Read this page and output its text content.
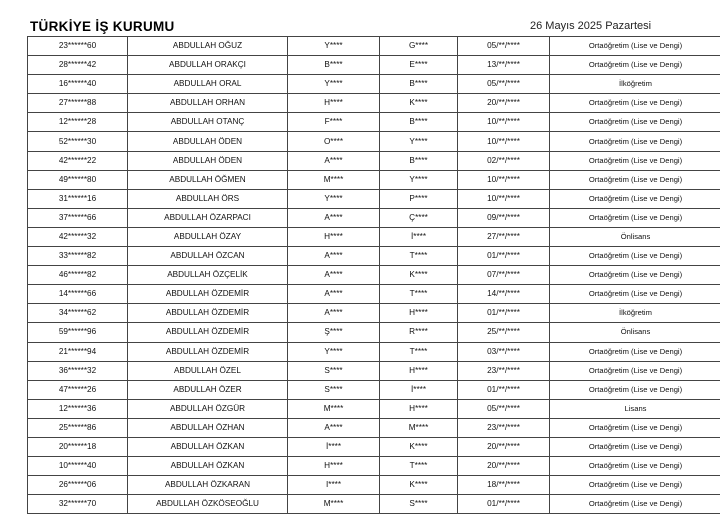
TÜRKİYE İŞ KURUMU	26 Mayıs 2025 Pazartesi
23******60	ABDULLAH OĞUZ	Y****	G****	05/**/****	Ortaöğretim (Lise ve Dengi)
28******42	ABDULLAH ORAKÇI	B****	E****	13/**/****	Ortaöğretim (Lise ve Dengi)
16******40	ABDULLAH ORAL	Y****	B****	05/**/****	İlköğretim
27******88	ABDULLAH ORHAN	H****	K****	20/**/****	Ortaöğretim (Lise ve Dengi)
12******28	ABDULLAH OTANÇ	F****	B****	10/**/****	Ortaöğretim (Lise ve Dengi)
52******30	ABDULLAH ÖDEN	O****	Y****	10/**/****	Ortaöğretim (Lise ve Dengi)
42******22	ABDULLAH ÖDEN	A****	B****	02/**/****	Ortaöğretim (Lise ve Dengi)
49******80	ABDULLAH ÖĞMEN	M****	Y****	10/**/****	Ortaöğretim (Lise ve Dengi)
31******16	ABDULLAH ÖRS	Y****	P****	10/**/****	Ortaöğretim (Lise ve Dengi)
37******66	ABDULLAH ÖZARPACI	A****	Ç****	09/**/****	Ortaöğretim (Lise ve Dengi)
42******32	ABDULLAH ÖZAY	H****	İ****	27/**/****	Önlisans
33******82	ABDULLAH ÖZCAN	A****	T****	01/**/****	Ortaöğretim (Lise ve Dengi)
46******82	ABDULLAH ÖZÇELİK	A****	K****	07/**/****	Ortaöğretim (Lise ve Dengi)
14******66	ABDULLAH ÖZDEMİR	A****	T****	14/**/****	Ortaöğretim (Lise ve Dengi)
34******62	ABDULLAH ÖZDEMİR	A****	H****	01/**/****	İlköğretim
59******96	ABDULLAH ÖZDEMİR	Ş****	R****	25/**/****	Önlisans
21******94	ABDULLAH ÖZDEMİR	Y****	T****	03/**/****	Ortaöğretim (Lise ve Dengi)
36******32	ABDULLAH ÖZEL	S****	H****	23/**/****	Ortaöğretim (Lise ve Dengi)
47******26	ABDULLAH ÖZER	S****	İ****	01/**/****	Ortaöğretim (Lise ve Dengi)
12******36	ABDULLAH ÖZGÜR	M****	H****	05/**/****	Lisans
25******86	ABDULLAH ÖZHAN	A****	M****	23/**/****	Ortaöğretim (Lise ve Dengi)
20******18	ABDULLAH ÖZKAN	İ****	K****	20/**/****	Ortaöğretim (Lise ve Dengi)
10******40	ABDULLAH ÖZKAN	H****	T****	20/**/****	Ortaöğretim (Lise ve Dengi)
26******06	ABDULLAH ÖZKARAN	I****	K****	18/**/****	Ortaöğretim (Lise ve Dengi)
32******70	ABDULLAH ÖZKÖSEOĞLU	M****	S****	01/**/****	Ortaöğretim (Lise ve Dengi)
